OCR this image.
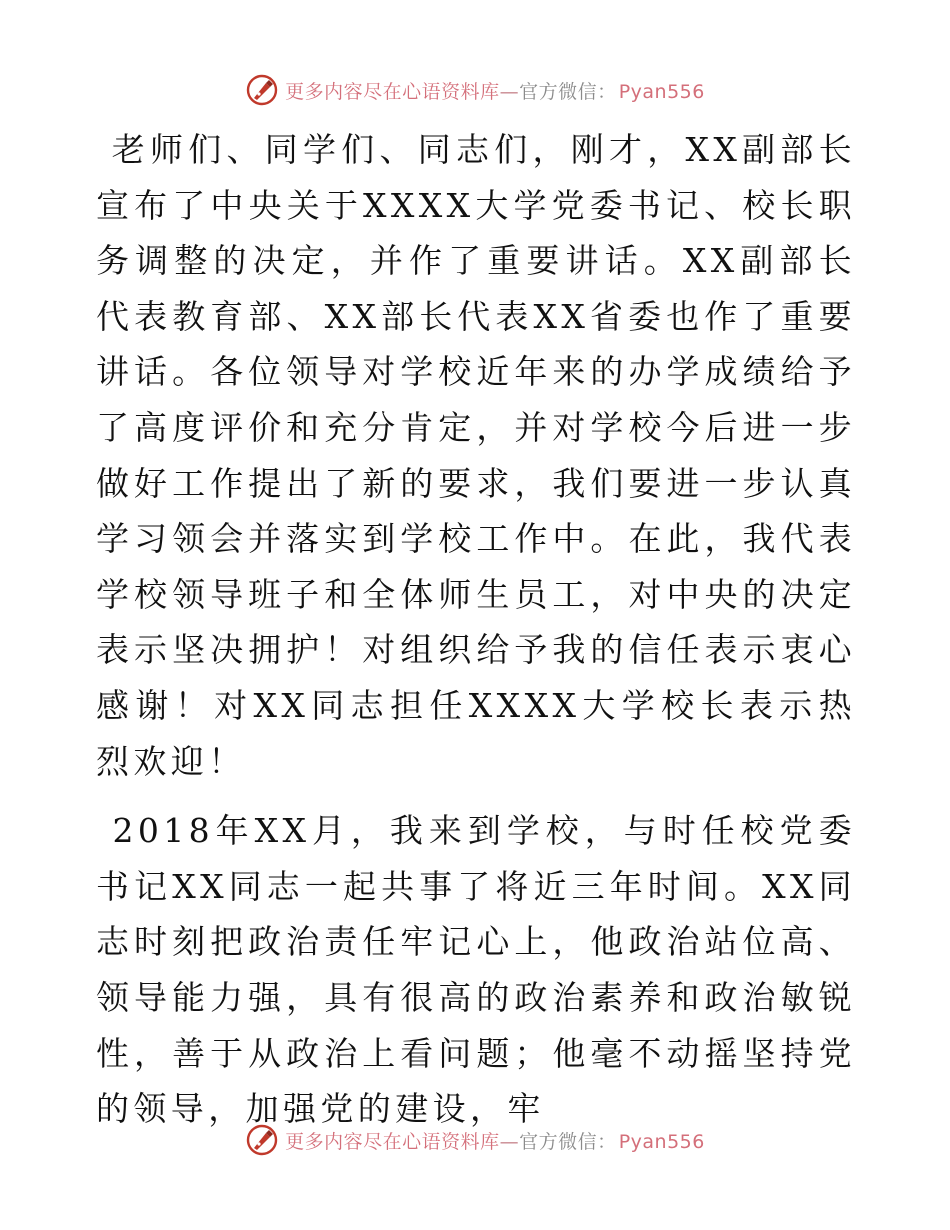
更多内容尽在心语资料库—官方微信： Pyan556

老师们、同学们、同志们，刚才，XX副部长宣布了中央关于XXXX大学党委书记、校长职务调整的决定，并作了重要讲话。XX副部长代表教育部、XX部长代表XX省委也作了重要讲话。各位领导对学校近年来的办学成绩给予了高度评价和充分肯定，并对学校今后进一步做好工作提出了新的要求，我们要进一步认真学习领会并落实到学校工作中。在此，我代表学校领导班子和全体师生员工，对中央的决定表示坚决拥护！对组织给予我的信任表示衷心感谢！对XX同志担任XXXX大学校长表示热烈欢迎！

2018年XX月，我来到学校，与时任校党委书记XX同志一起共事了将近三年时间。XX同志时刻把政治责任牢记心上，他政治站位高、领导能力强，具有很高的政治素养和政治敏锐性，善于从政治上看问题；他毫不动摇坚持党的领导，加强党的建设，牢

更多内容尽在心语资料库—官方微信： Pyan556
